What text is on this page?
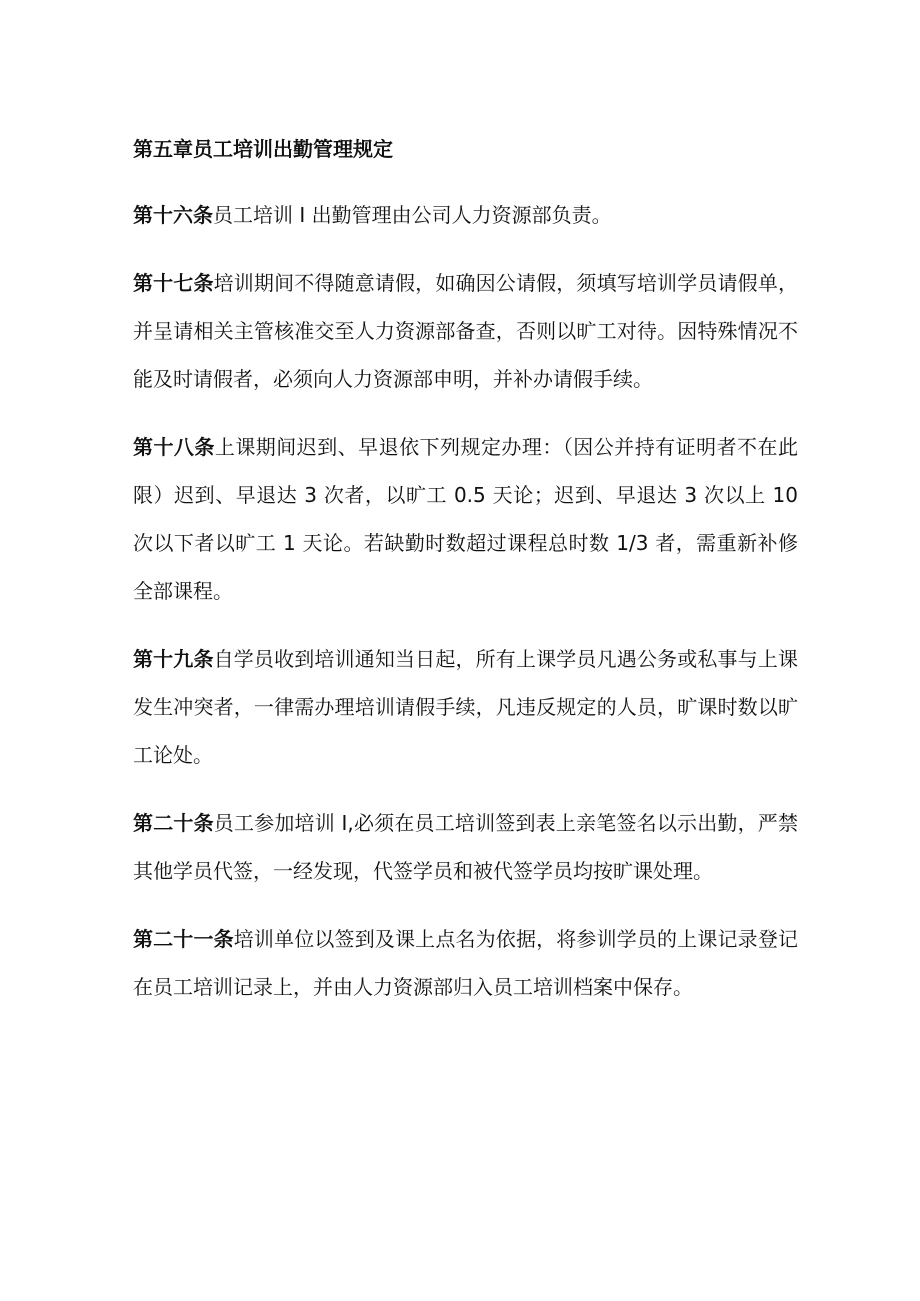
第五章员工培训出勤管理规定

第十六条员工培训 I 出勤管理由公司人力资源部负责。

第十七条培训期间不得随意请假，如确因公请假，须填写培训学员请假单，并呈请相关主管核准交至人力资源部备查，否则以旷工对待。因特殊情况不能及时请假者，必须向人力资源部申明，并补办请假手续。

第十八条上课期间迟到、早退依下列规定办理：（因公并持有证明者不在此限）迟到、早退达 3 次者，以旷工 0.5 天论；迟到、早退达 3 次以上 10 次以下者以旷工 1 天论。若缺勤时数超过课程总时数 1/3 者，需重新补修全部课程。

第十九条自学员收到培训通知当日起，所有上课学员凡遇公务或私事与上课发生冲突者，一律需办理培训请假手续，凡违反规定的人员，旷课时数以旷工论处。

第二十条员工参加培训 I,必须在员工培训签到表上亲笔签名以示出勤，严禁其他学员代签，一经发现，代签学员和被代签学员均按旷课处理。

第二十一条培训单位以签到及课上点名为依据，将参训学员的上课记录登记在员工培训记录上，并由人力资源部归入员工培训档案中保存。
